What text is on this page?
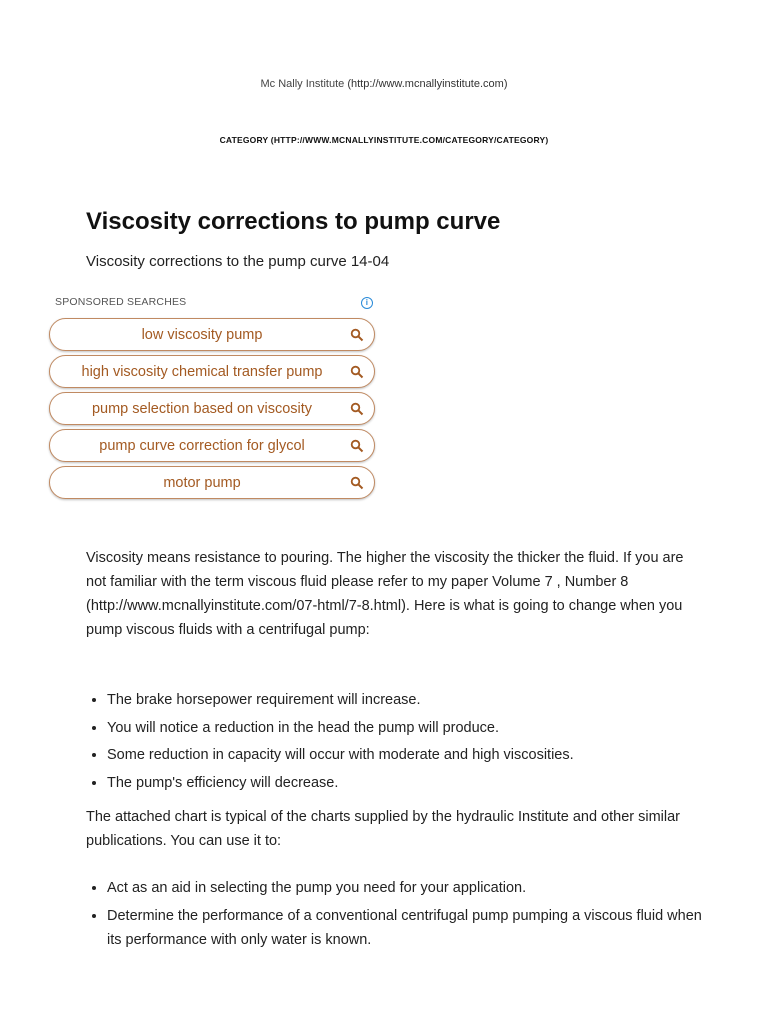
Mc Nally Institute (http://www.mcnallyinstitute.com)
CATEGORY (HTTP://WWW.MCNALLYINSTITUTE.COM/CATEGORY/CATEGORY)
Viscosity corrections to pump curve

Viscosity corrections to the pump curve 14-04

SPONSORED SEARCHES	i
low viscosity pump
high viscosity chemical transfer pump
pump selection based on viscosity
pump curve correction for glycol
motor pump

Viscosity means resistance to pouring. The higher the viscosity the thicker the fluid. If you are not familiar with the term viscous fluid please refer to my paper Volume 7 , Number 8 (http://www.mcnallyinstitute.com/07-html/7-8.html). Here is what is going to change when you pump viscous fluids with a centrifugal pump:

• The brake horsepower requirement will increase.
• You will notice a reduction in the head the pump will produce.
• Some reduction in capacity will occur with moderate and high viscosities.
• The pump's efficiency will decrease.

The attached chart is typical of the charts supplied by the hydraulic Institute and other similar publications. You can use it to:

• Act as an aid in selecting the pump you need for your application.
• Determine the performance of a conventional centrifugal pump pumping a viscous fluid when its performance with only water is known.
